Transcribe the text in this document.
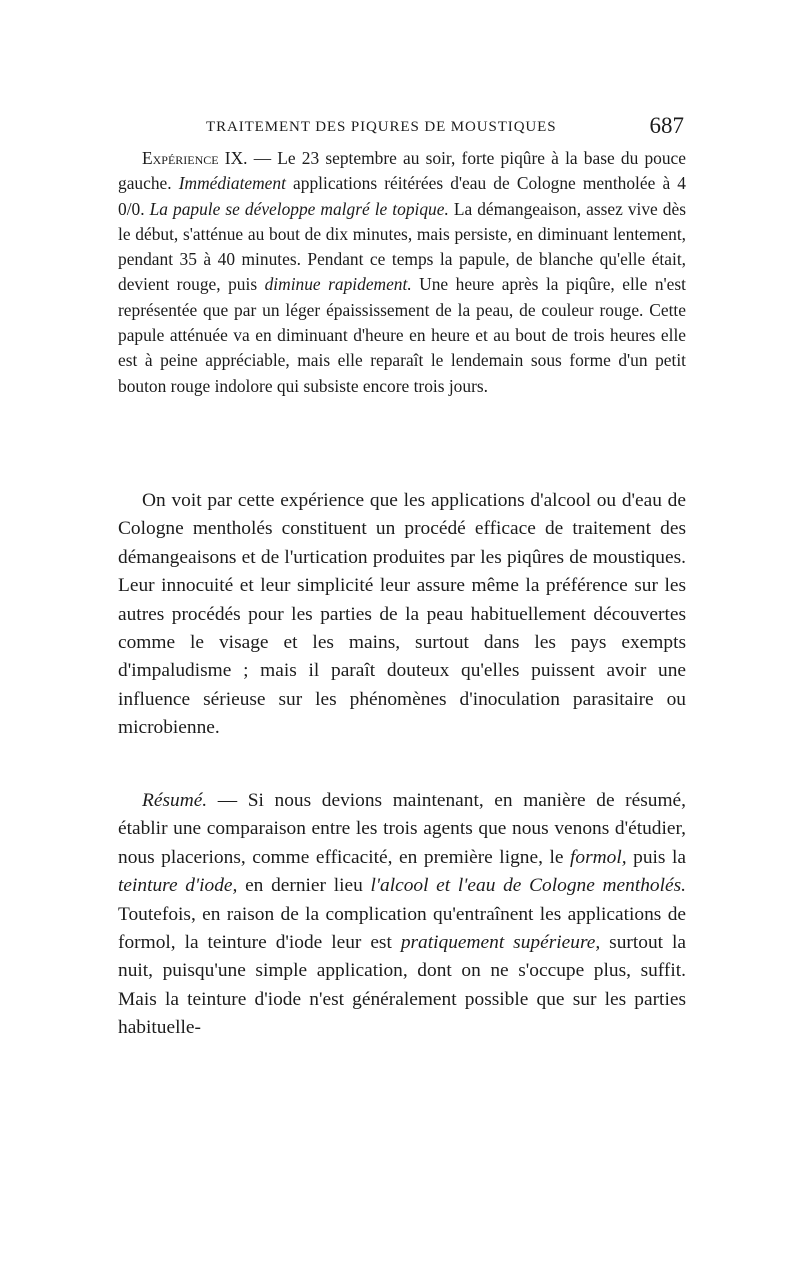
TRAITEMENT DES PIQURES DE MOUSTIQUES	687

Expérience IX. — Le 23 septembre au soir, forte piqûre à la base du pouce gauche. Immédiatement applications réitérées d'eau de Cologne mentholée à 4 0/0. La papule se développe malgré le topique. La démangeaison, assez vive dès le début, s'atténue au bout de dix minutes, mais persiste, en diminuant lentement, pendant 35 à 40 minutes. Pendant ce temps la papule, de blanche qu'elle était, devient rouge, puis diminue rapidement. Une heure après la piqûre, elle n'est représentée que par un léger épaississement de la peau, de couleur rouge. Cette papule atténuée va en diminuant d'heure en heure et au bout de trois heures elle est à peine appréciable, mais elle reparaît le lendemain sous forme d'un petit bouton rouge indolore qui subsiste encore trois jours.

On voit par cette expérience que les applications d'alcool ou d'eau de Cologne mentholés constituent un procédé efficace de traitement des démangeaisons et de l'urtication produites par les piqûres de moustiques. Leur innocuité et leur simplicité leur assure même la préférence sur les autres procédés pour les parties de la peau habituellement découvertes comme le visage et les mains, surtout dans les pays exempts d'impaludisme ; mais il paraît douteux qu'elles puissent avoir une influence sérieuse sur les phénomènes d'inoculation parasitaire ou microbienne.

Résumé. — Si nous devions maintenant, en manière de résumé, établir une comparaison entre les trois agents que nous venons d'étudier, nous placerions, comme efficacité, en première ligne, le formol, puis la teinture d'iode, en dernier lieu l'alcool et l'eau de Cologne mentholés. Toutefois, en raison de la complication qu'entraînent les applications de formol, la teinture d'iode leur est pratiquement supérieure, surtout la nuit, puisqu'une simple application, dont on ne s'occupe plus, suffit. Mais la teinture d'iode n'est généralement possible que sur les parties habituelle-
